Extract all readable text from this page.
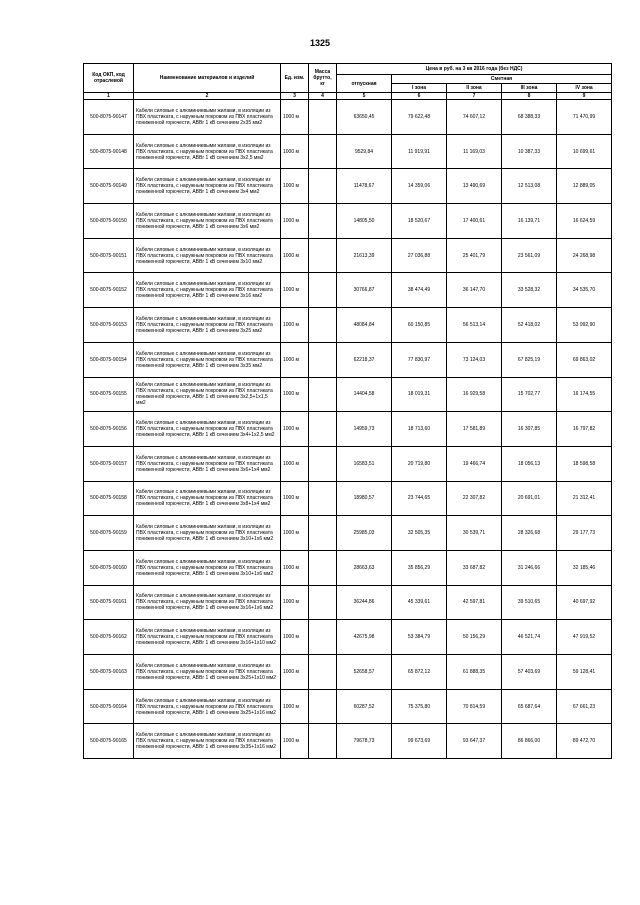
1325
Код ОКП, код отраслевой	Наименование материалов и изделий	Ед. изм.	Масса брутто, кг	Цена в руб. на 3 кв 2016 года (без НДС)				
				отпускная	Сметная			
					I зона	II зона	III зона	IV зона
1	2	3	4	5	6	7	8	9
500-8075-90147	Кабели силовые с алюминиевыми жилами, в изоляции из ПВХ пластиката, с наружным покровом из ПВХ пластиката пониженной горючести, АВВг 1 кВ сечением 2х35 мм2	1000 м		63650,45	79 622,48	74 607,12	68 388,33	71 470,99
500-8075-90148	Кабели силовые с алюминиевыми жилами, в изоляции из ПВХ пластиката, с наружным покровом из ПВХ пластиката пониженной горючести, АВВг 1 кВ сечением 3х2,5 мм2	1000 м		9529,84	11 919,91	11 169,03	10 387,33	10 699,61
500-8075-90149	Кабели силовые с алюминиевыми жилами, в изоляции из ПВХ пластиката, с наружным покровом из ПВХ пластиката пониженной горючести, АВВг 1 кВ сечением 3х4 мм2	1000 м		11478,67	14 359,06	13 490,69	12 513,08	12 889,05
500-8075-90150	Кабели силовые с алюминиевыми жилами, в изоляции из ПВХ пластиката, с наружным покровом из ПВХ пластиката пониженной горючести, АВВг 1 кВ сечением 3х6 мм2	1000 м		14805,50	18 520,67	17 400,61	16 139,71	16 624,59
500-8075-90151	Кабели силовые с алюминиевыми жилами, в изоляции из ПВХ пластиката, с наружным покровом из ПВХ пластиката пониженной горючести, АВВг 1 кВ сечением 3х10 мм2	1000 м		21613,39	27 036,88	25 401,79	23 561,09	24 268,98
500-8075-90152	Кабели силовые с алюминиевыми жилами, в изоляции из ПВХ пластиката, с наружным покровом из ПВХ пластиката пониженной горючести, АВВг 1 кВ сечением 3х16 мм2	1000 м		30766,87	38 474,49	36 147,70	33 528,32	34 535,70
500-8075-90153	Кабели силовые с алюминиевыми жилами, в изоляции из ПВХ пластиката, с наружным покровом из ПВХ пластиката пониженной горючести, АВВг 1 кВ сечением 3х25 мм2	1000 м		48084,84	60 150,85	56 513,14	52 418,02	53 992,90
500-8075-90154	Кабели силовые с алюминиевыми жилами, в изоляции из ПВХ пластиката, с наружным покровом из ПВХ пластиката пониженной горючести, АВВг 1 кВ сечением 3х35 мм2	1000 м		62218,37	77 830,97	73 124,03	67 825,19	69 863,02
500-8075-90155	Кабели силовые с алюминиевыми жилами, в изоляции из ПВХ пластиката, с наружным покровом из ПВХ пластиката пониженной горючести, АВВг 1 кВ сечением 3х2,5+1х1,5 мм2	1000 м		14404,58	18 019,31	16 929,58	15 702,77	16 174,55
500-8075-90156	Кабели силовые с алюминиевыми жилами, в изоляции из ПВХ пластиката, с наружным покровом из ПВХ пластиката пониженной горючести, АВВг 1 кВ сечением 3х4+1х2,5 мм2	1000 м		14959,73	18 713,60	17 581,89	16 307,85	16 797,82
500-8075-90157	Кабели силовые с алюминиевыми жилами, в изоляции из ПВХ пластиката, с наружным покровом из ПВХ пластиката пониженной горючести, АВВг 1 кВ сечением 3х6+1х4 мм2	1000 м		16583,51	20 719,80	19 466,74	18 056,13	18 598,58
500-8075-90158	Кабели силовые с алюминиевыми жилами, в изоляции из ПВХ пластиката, с наружным покровом из ПВХ пластиката пониженной горючести, АВВг 1 кВ сечением 3х8+1х4 мм2	1000 м		18980,57	23 744,65	22 307,82	20 691,01	21 312,41
500-8075-90159	Кабели силовые с алюминиевыми жилами, в изоляции из ПВХ пластиката, с наружным покровом из ПВХ пластиката пониженной горючести, АВВг 1 кВ сечением 3х10+1х6 мм2	1000 м		25985,03	32 505,35	30 539,71	28 326,68	29 177,73
500-8075-90160	Кабели силовые с алюминиевыми жилами, в изоляции из ПВХ пластиката, с наружным покровом из ПВХ пластиката пониженной горючести, АВВг 1 кВ сечением 3х10+1х6 мм2	1000 м		28663,63	35 856,29	33 687,82	31 246,66	32 185,46
500-8075-90161	Кабели силовые с алюминиевыми жилами, в изоляции из ПВХ пластиката, с наружным покровом из ПВХ пластиката пониженной горючести, АВВг 1 кВ сечением 3х16+1х6 мм2	1000 м		36244,86	45 339,61	42 597,81	39 510,65	40 697,92
500-8075-90162	Кабели силовые с алюминиевыми жилами, в изоляции из ПВХ пластиката, с наружным покровом из ПВХ пластиката пониженной горючести, АВВг 1 кВ сечением 3х16+1х10 мм2	1000 м		42675,98	53 384,79	50 156,29	46 521,74	47 919,52
500-8075-90163	Кабели силовые с алюминиевыми жилами, в изоляции из ПВХ пластиката, с наружным покровом из ПВХ пластиката пониженной горючести, АВВг 1 кВ сечением 3х25+1х10 мм2	1000 м		52658,57	65 872,12	61 888,35	57 403,69	59 128,41
500-8075-90164	Кабели силовые с алюминиевыми жилами, в изоляции из ПВХ пластиката, с наружным покровом из ПВХ пластиката пониженной горючести, АВВг 1 кВ сечением 3х25+1х16 мм2	1000 м		60287,52	75 375,80	70 814,59	65 687,64	67 661,23
500-8075-90165	Кабели силовые с алюминиевыми жилами, в изоляции из ПВХ пластиката, с наружным покровом из ПВХ пластиката пониженной горючести, АВВг 1 кВ сечением 3х35+1х16 мм2	1000 м		79678,73	99 673,69	93 647,37	86 866,00	89 472,70
